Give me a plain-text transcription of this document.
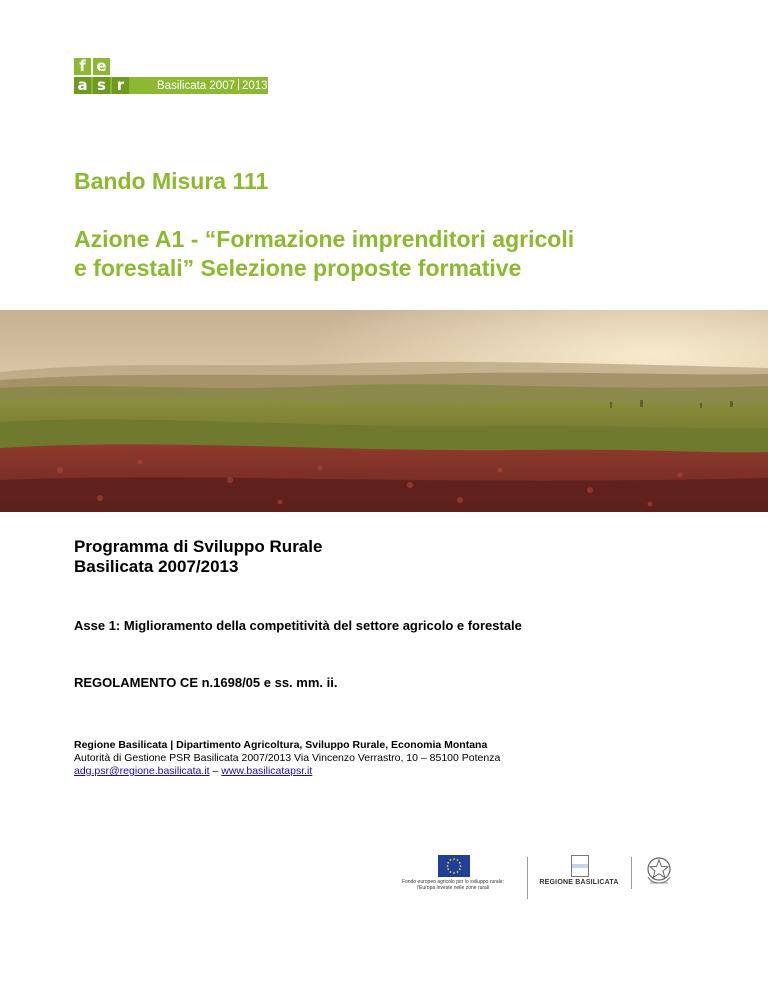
f e
a s r	Basilicata 2007 2013
Bando Misura 111
Azione A1 - “Formazione imprenditori agricoli
e forestali” Selezione proposte formative
Programma di Sviluppo Rurale
Basilicata 2007/2013
Asse 1: Miglioramento della competitività del settore agricolo e forestale
REGOLAMENTO CE n.1698/05 e ss. mm. ii.
Regione Basilicata | Dipartimento Agricoltura, Sviluppo Rurale, Economia Montana
Autorità di Gestione PSR Basilicata 2007/2013 Via Vincenzo Verrastro, 10 – 85100 Potenza
adg.psr@regione.basilicata.it – www.basilicatapsr.it
Fondo europeo agricolo per lo sviluppo rurale:
l'Europa investe nelle zone rurali
REGIONE BASILICATA
